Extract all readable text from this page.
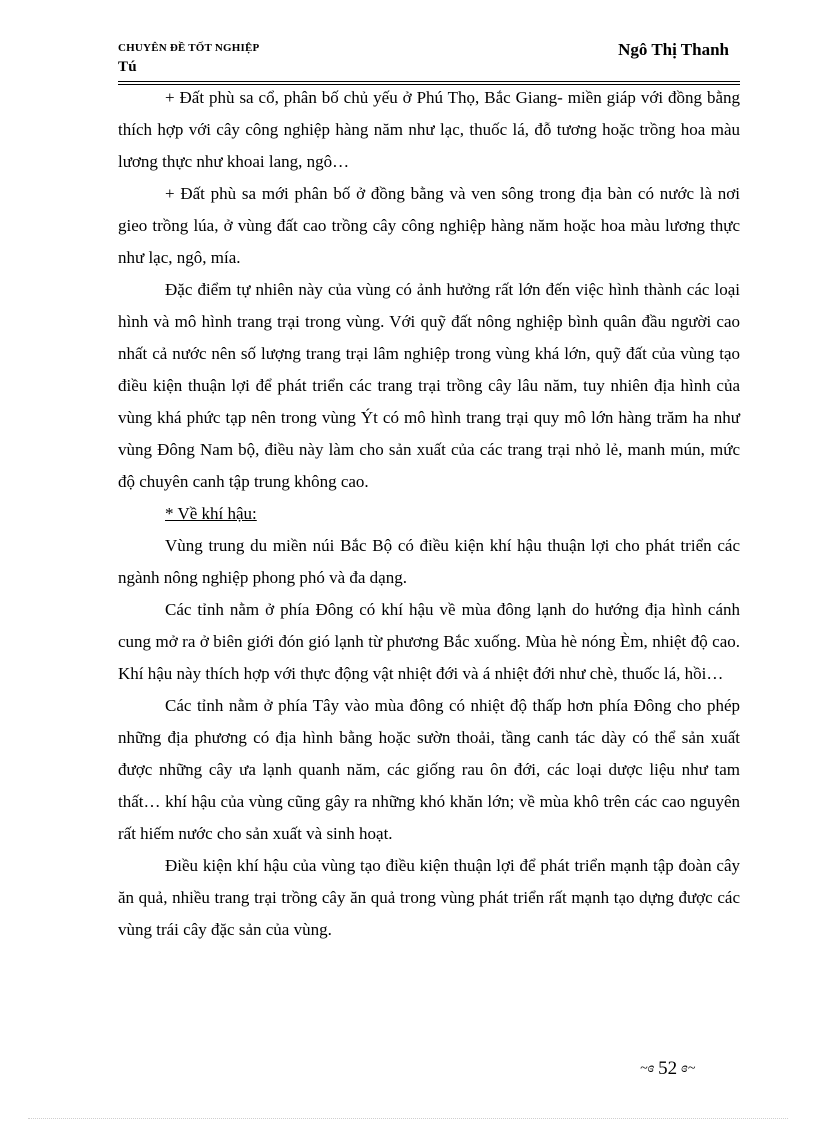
CHUYÊN ĐỀ TỐT NGHIỆP
Tú
Ngô Thị Thanh

+ Đất phù sa cổ, phân bố chủ yếu ở Phú Thọ, Bắc Giang- miền giáp với đồng bằng thích hợp với cây công nghiệp hàng năm như lạc, thuốc lá, đỗ tương hoặc trồng hoa màu lương thực như khoai lang, ngô…

+ Đất phù sa mới phân bố ở đồng bằng và ven sông trong địa bàn có nước là nơi gieo trồng lúa, ở vùng đất cao trồng cây công nghiệp hàng năm hoặc hoa màu lương thực như lạc, ngô, mía.

Đặc điểm tự nhiên này của vùng có ảnh hưởng rất lớn đến việc hình thành các loại hình và mô hình trang trại trong vùng. Với quỹ đất nông nghiệp bình quân đầu người cao nhất cả nước nên số lượng trang trại lâm nghiệp trong vùng khá lớn, quỹ đất của vùng tạo điều kiện thuận lợi để phát triển các trang trại trồng cây lâu năm, tuy nhiên địa hình của vùng khá phức tạp nên trong vùng Ýt có mô hình trang trại quy mô lớn hàng trăm ha như vùng Đông Nam bộ, điều này làm cho sản xuất của các trang trại nhỏ lẻ, manh mún, mức độ chuyên canh tập trung không cao.

* Về khí hậu:

Vùng trung du miền núi Bắc Bộ có điều kiện khí hậu thuận lợi cho phát triển các ngành nông nghiệp phong phó và đa dạng.

Các tỉnh nằm ở phía Đông có khí hậu về mùa đông lạnh do hướng địa hình cánh cung mở ra ở biên giới đón gió lạnh từ phương Bắc xuống. Mùa hè nóng Èm, nhiệt độ cao. Khí hậu này thích hợp với thực động vật nhiệt đới và á nhiệt đới như chè, thuốc lá, hồi…

Các tỉnh nằm ở phía Tây vào mùa đông có nhiệt độ thấp hơn phía Đông cho phép những địa phương có địa hình bằng hoặc sườn thoải, tầng canh tác dày có thể sản xuất được những cây ưa lạnh quanh năm, các giống rau ôn đới, các loại dược liệu như tam thất… khí hậu của vùng cũng gây ra những khó khăn lớn; về mùa khô trên các cao nguyên rất hiếm nước cho sản xuất và sinh hoạt.

Điều kiện khí hậu của vùng tạo điều kiện thuận lợi để phát triển mạnh tập đoàn cây ăn quả, nhiều trang trại trồng cây ăn quả trong vùng phát triển rất mạnh tạo dựng được các vùng trái cây đặc sản của vùng.

~ɞ 52 ɞ~
